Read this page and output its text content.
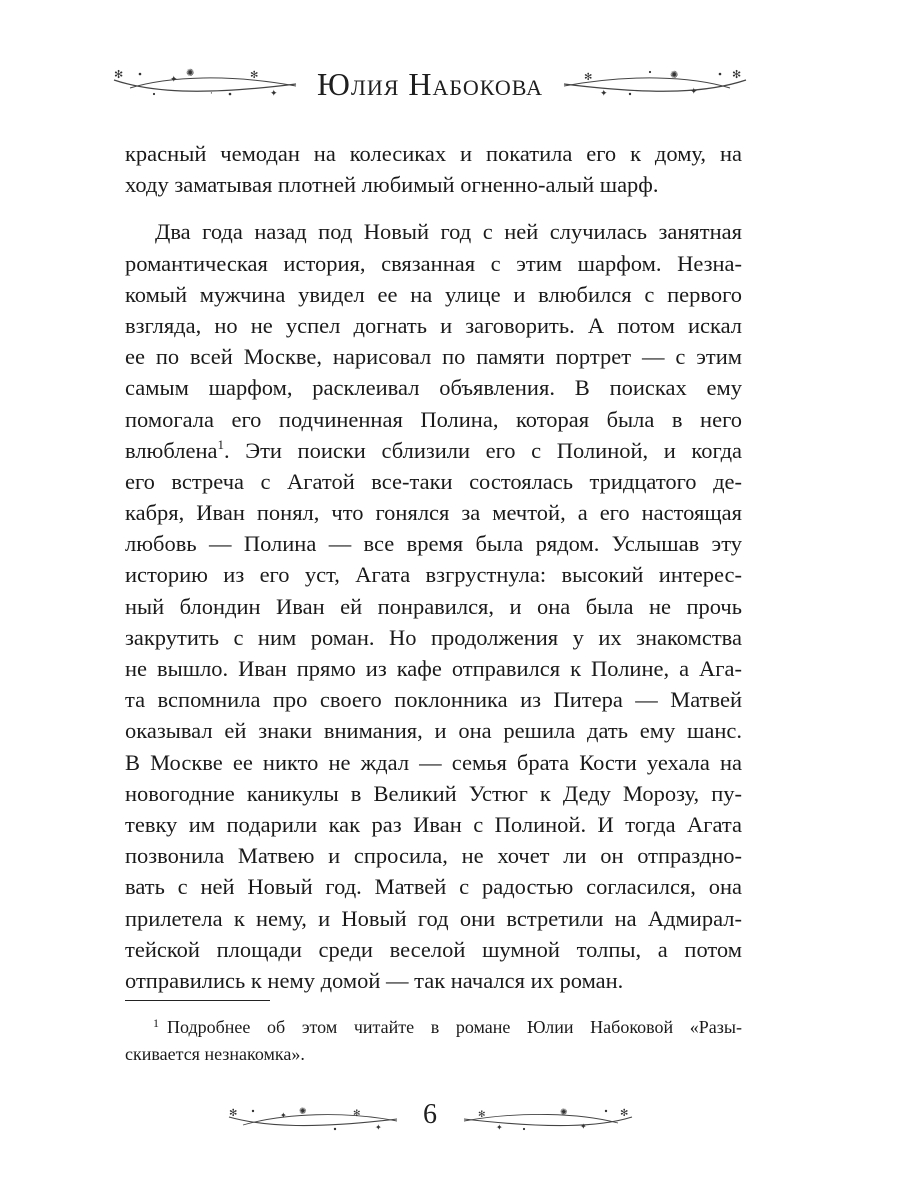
✻	✦
✺
·
✻
✦	Юлия Набокова	✻
✦
✺
✦
✻
красный чемодан на колесиках и покатила его к дому, на
ходу заматывая плотней любимый огненно-алый шарф.
Два года назад под Новый год с ней случилась занятная
романтическая история, связанная с этим шарфом. Незна-
комый мужчина увидел ее на улице и влюбился с первого
взгляда, но не успел догнать и заговорить. А потом искал
ее по всей Москве, нарисовал по памяти портрет — с этим
самым шарфом, расклеивал объявления. В поисках ему
помогала его подчиненная Полина, которая была в него
влюблена$^1$. Эти поиски сблизили его с Полиной, и когда
его встреча с Агатой все-таки состоялась тридцатого де-
кабря, Иван понял, что гонялся за мечтой, а его настоящая
любовь — Полина — все время была рядом. Услышав эту
историю из его уст, Агата взгрустнула: высокий интерес-
ный блондин Иван ей понравился, и она была не прочь
закрутить с ним роман. Но продолжения у их знакомства
не вышло. Иван прямо из кафе отправился к Полине, а Ага-
та вспомнила про своего поклонника из Питера — Матвей
оказывал ей знаки внимания, и она решила дать ему шанс.
В Москве ее никто не ждал — семья брата Кости уехала на
новогодние каникулы в Великий Устюг к Деду Морозу, пу-
тевку им подарили как раз Иван с Полиной. И тогда Агата
позвонила Матвею и спросила, не хочет ли он отпраздно-
вать с ней Новый год. Матвей с радостью согласился, она
прилетела к нему, и Новый год они встретили на Адмирал-
тейской площади среди веселой шумной толпы, а потом
отправились к нему домой — так начался их роман.
$^1$ Подробнее об этом читайте в романе Юлии Набоковой «Разы-
скивается незнакомка».
✻	✦ ✺	✻
✦	6	✻
✦
✺
✦
✻
